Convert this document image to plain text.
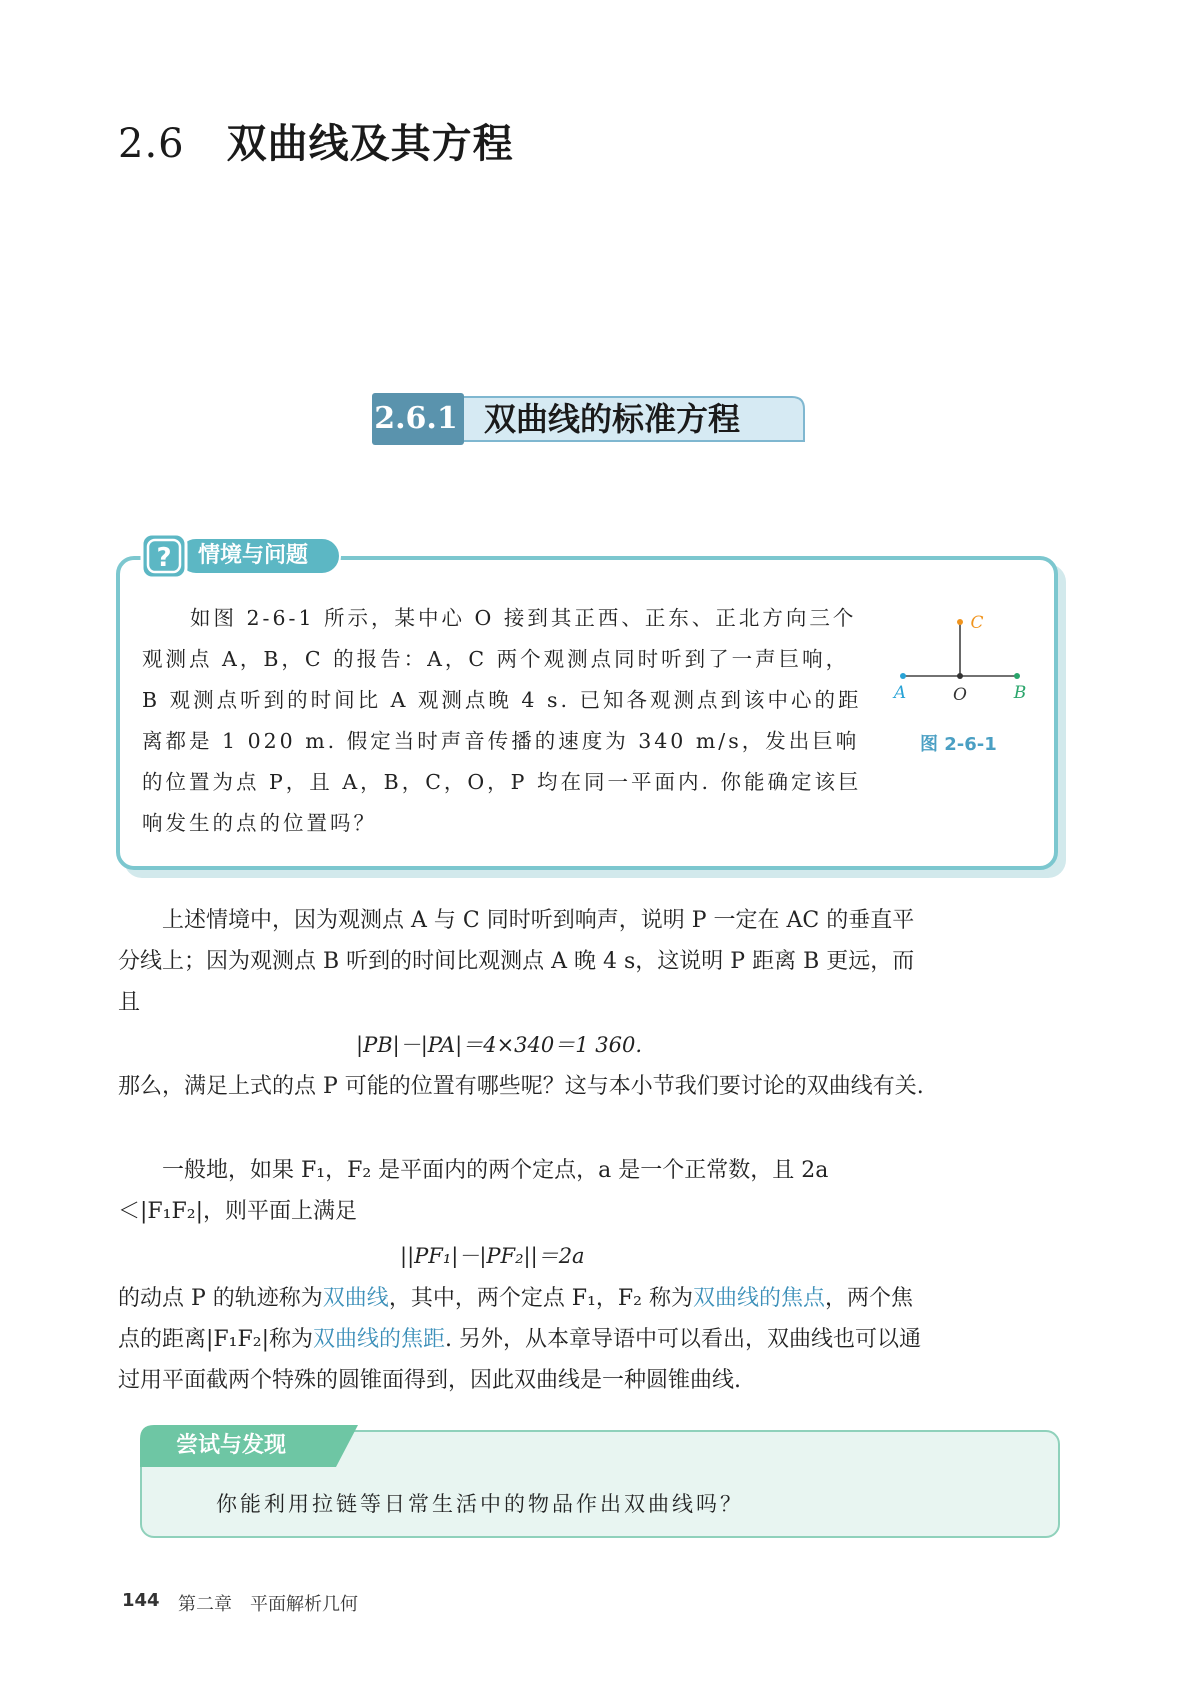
2.6 双曲线及其方程
2.6.1 双曲线的标准方程
? 情境与问题
如图 2-6-1 所示，某中心 O 接到其正西、正东、正北方向三个观测点 A，B，C 的报告：A，C 两个观测点同时听到了一声巨响，B 观测点听到的时间比 A 观测点晚 4 s. 已知各观测点到该中心的距离都是 1 020 m. 假定当时声音传播的速度为 340 m/s，发出巨响的位置为点 P，且 A，B，C，O，P 均在同一平面内. 你能确定该巨响发生的点的位置吗？
A	O	B
C
图 2-6-1
上述情境中，因为观测点 A 与 C 同时听到响声，说明 P 一定在 AC 的垂直平分线上；因为观测点 B 听到的时间比观测点 A 晚 4 s，这说明 P 距离 B 更远，而且
|PB|－|PA|＝4×340＝1 360.
那么，满足上式的点 P 可能的位置有哪些呢？这与本小节我们要讨论的双曲线有关.
一般地，如果 F₁，F₂ 是平面内的两个定点，a 是一个正常数，且 2a＜|F₁F₂|，则平面上满足
||PF₁|－|PF₂||＝2a
的动点 P 的轨迹称为双曲线，其中，两个定点 F₁，F₂ 称为双曲线的焦点，两个焦点的距离|F₁F₂|称为双曲线的焦距. 另外，从本章导语中可以看出，双曲线也可以通过用平面截两个特殊的圆锥面得到，因此双曲线是一种圆锥曲线.
尝试与发现
你能利用拉链等日常生活中的物品作出双曲线吗？
144 第二章　平面解析几何
